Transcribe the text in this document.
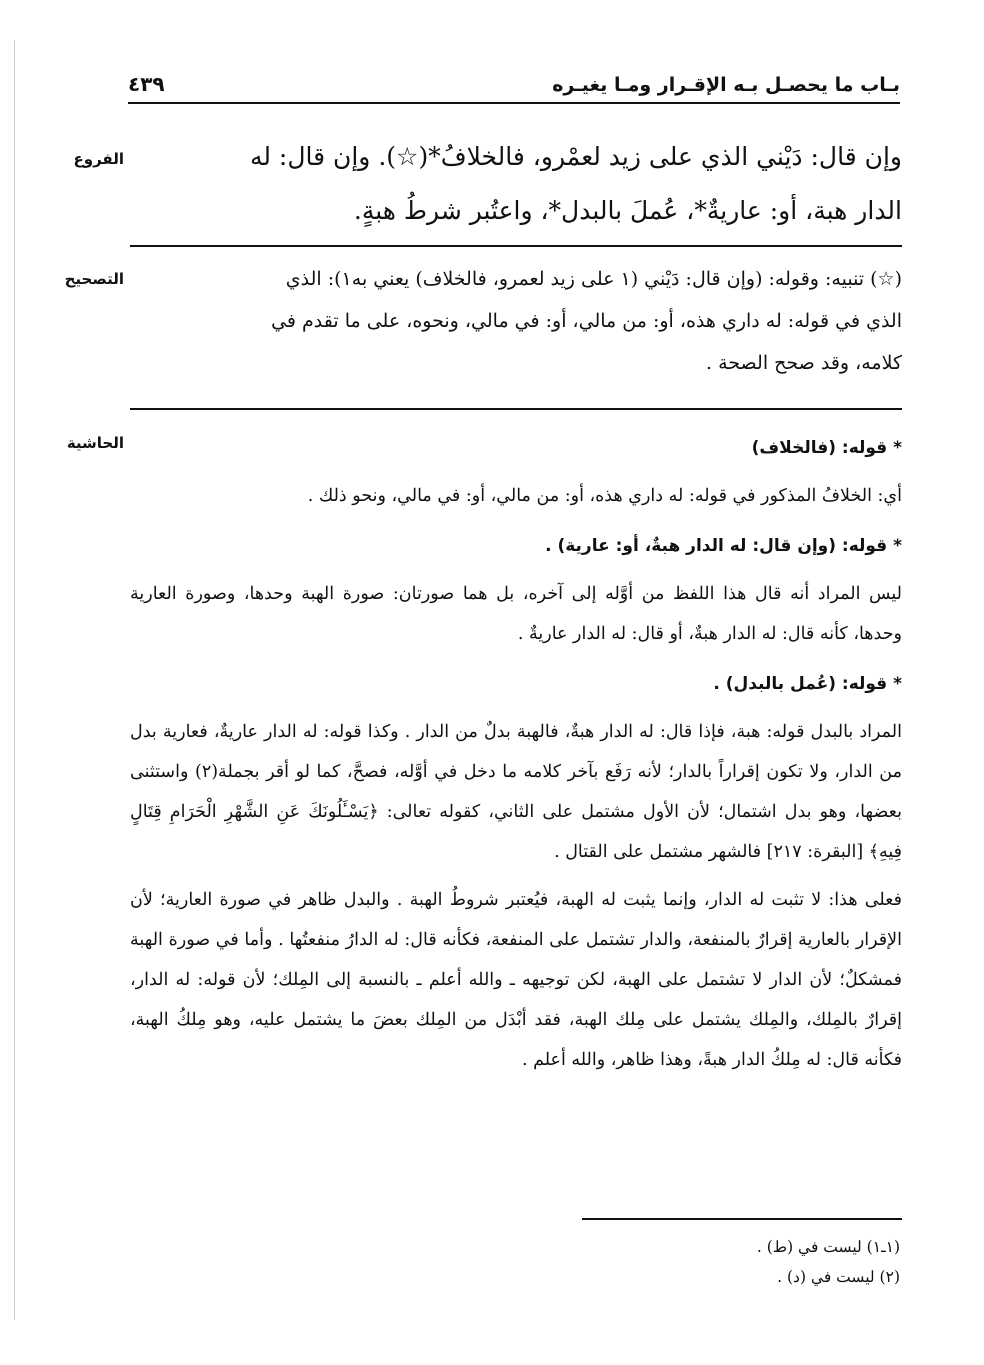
بـاب ما يحصـل بـه الإقـرار ومـا يغيـره
٤٣٩
الفروع	وإن قال: دَيْني الذي على زيد لعمْرو، فالخلافُ*(☆). وإن قال: له

الدار هبة، أو: عاريةٌ*، عُملَ بالبدل*، واعتُبر شرطُ هبةٍ.

التصحيح	(☆) تنبيه: وقوله: (وإن قال: دَيْني (١ على زيد لعمرو، فالخلاف) يعني به١): الذي

الذي في قوله: له داري هذه، أو: من مالي، أو: في مالي، ونحوه، على ما تقدم في

كلامه، وقد صحح الصحة .

الحاشية	* قوله: (فالخلاف)
أي: الخلافُ المذكور في قوله: له داري هذه، أو: من مالي، أو: في مالي، ونحو ذلك .
* قوله: (وإن قال: له الدار هبةٌ، أو: عارية) .
ليس المراد أنه قال هذا اللفظ من أوَّله إلى آخره، بل هما صورتان: صورة الهبة وحدها، وصورة العارية وحدها، كأنه قال: له الدار هبةٌ، أو قال: له الدار عاريةٌ .
* قوله: (عُمل بالبدل) .
المراد بالبدل قوله: هبة، فإذا قال: له الدار هبةٌ، فالهبة بدلٌ من الدار . وكذا قوله: له الدار عاريةٌ، فعارية بدل من الدار، ولا تكون إقراراً بالدار؛ لأنه رَفَع بآخر كلامه ما دخل في أوَّله، فصحَّ، كما لو أقر بجملة(٢) واستثنى بعضها، وهو بدل اشتمال؛ لأن الأول مشتمل على الثاني، كقوله تعالى: ﴿يَسْـَٔلُونَكَ عَنِ الشَّهْرِ الْحَرَامِ قِتَالٍ فِيهِ﴾ [البقرة: ٢١٧] فالشهر مشتمل على القتال .
فعلى هذا: لا تثبت له الدار، وإنما يثبت له الهبة، فيُعتبر شروطُ الهبة . والبدل ظاهر في صورة العارية؛ لأن الإقرار بالعارية إقرارٌ بالمنفعة، والدار تشتمل على المنفعة، فكأنه قال: له الدارُ منفعتُها . وأما في صورة الهبة فمشكلٌ؛ لأن الدار لا تشتمل على الهبة، لكن توجيهه ـ والله أعلم ـ بالنسبة إلى المِلك؛ لأن قوله: له الدار، إقرارٌ بالمِلك، والمِلك يشتمل على مِلك الهبة، فقد أبْدَل من المِلك بعضَ ما يشتمل عليه، وهو مِلكُ الهبة، فكأنه قال: له مِلكُ الدار هبةً، وهذا ظاهر، والله أعلم .
(١ـ١) ليست في (ط) .
(٢) ليست في (د) .
